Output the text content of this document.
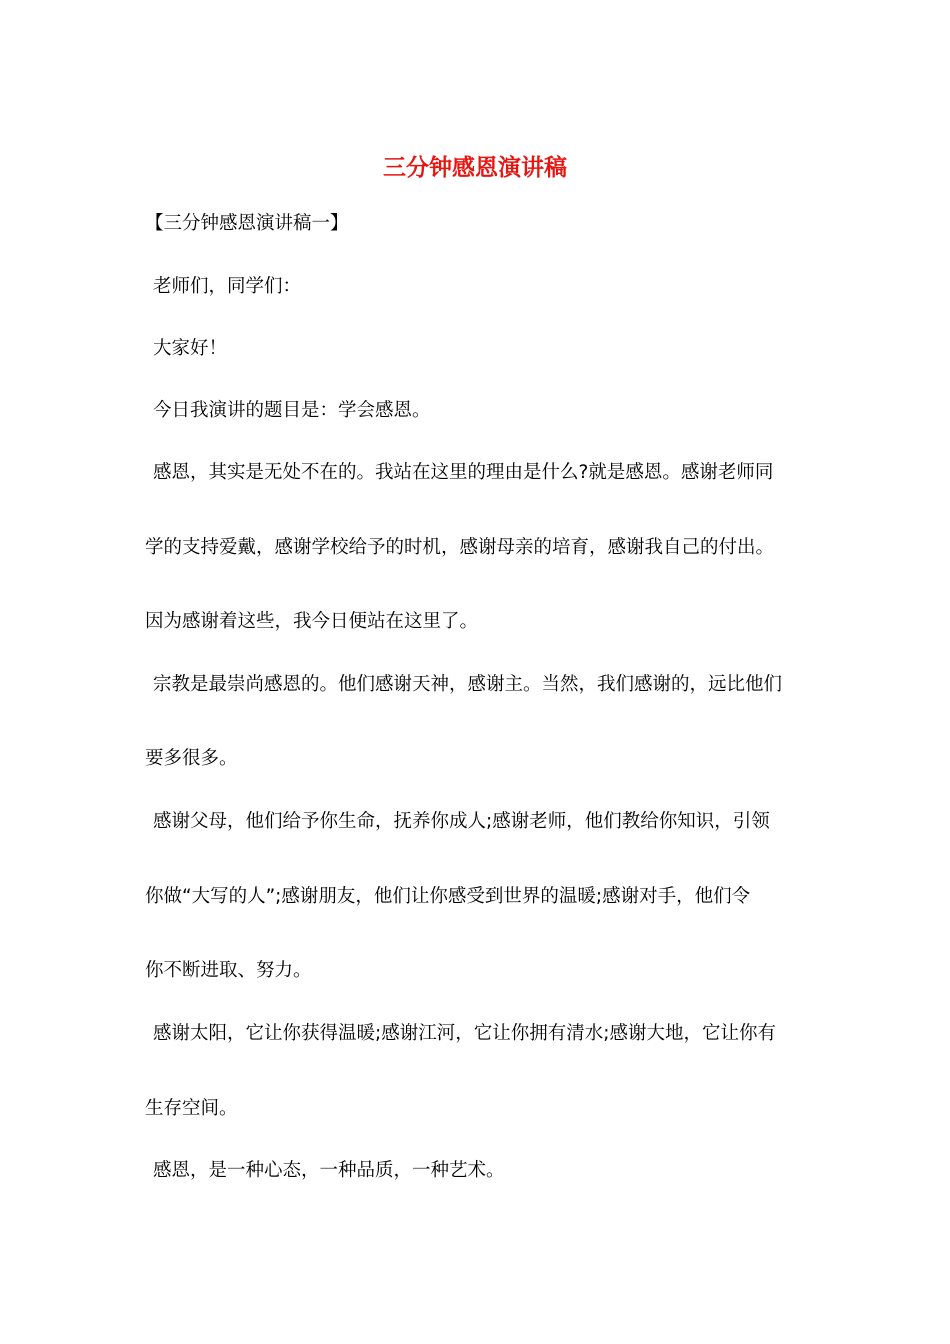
三分钟感恩演讲稿
【三分钟感恩演讲稿一】
老师们，同学们：
大家好！
今日我演讲的题目是：学会感恩。
感恩，其实是无处不在的。我站在这里的理由是什么?就是感恩。感谢老师同
学的支持爱戴，感谢学校给予的时机，感谢母亲的培育，感谢我自己的付出。
因为感谢着这些，我今日便站在这里了。
宗教是最崇尚感恩的。他们感谢天神，感谢主。当然，我们感谢的，远比他们
要多很多。
感谢父母，他们给予你生命，抚养你成人;感谢老师，他们教给你知识，引领
你做“大写的人”;感谢朋友，他们让你感受到世界的温暖;感谢对手，他们令
你不断进取、努力。
感谢太阳，它让你获得温暖;感谢江河，它让你拥有清水;感谢大地，它让你有
生存空间。
感恩，是一种心态，一种品质，一种艺术。
